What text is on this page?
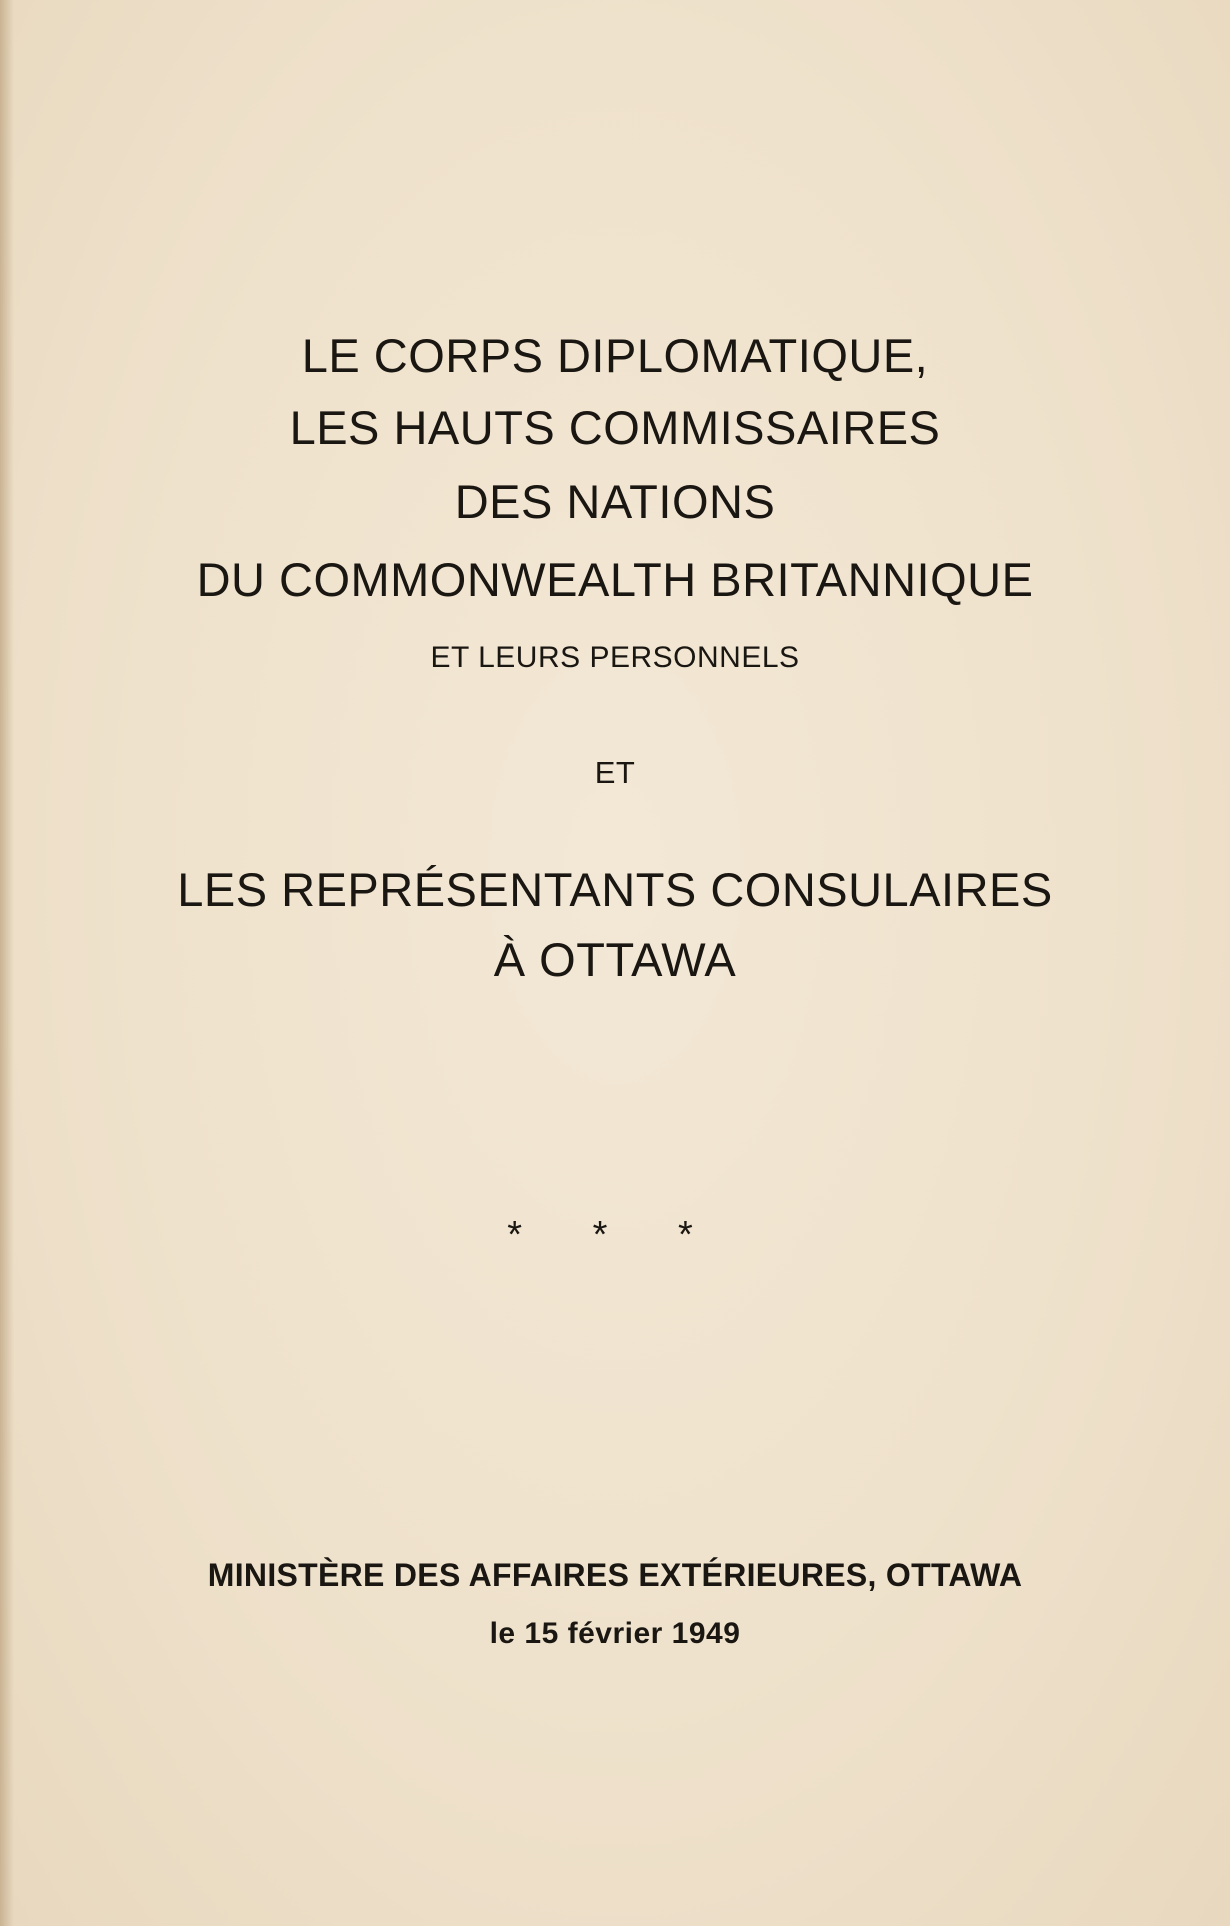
LE CORPS DIPLOMATIQUE,
LES HAUTS COMMISSAIRES
DES NATIONS
DU COMMONWEALTH BRITANNIQUE
ET LEURS PERSONNELS
ET
LES REPRÉSENTANTS CONSULAIRES
À OTTAWA
* * *
MINISTÈRE DES AFFAIRES EXTÉRIEURES, OTTAWA
le 15 février 1949
